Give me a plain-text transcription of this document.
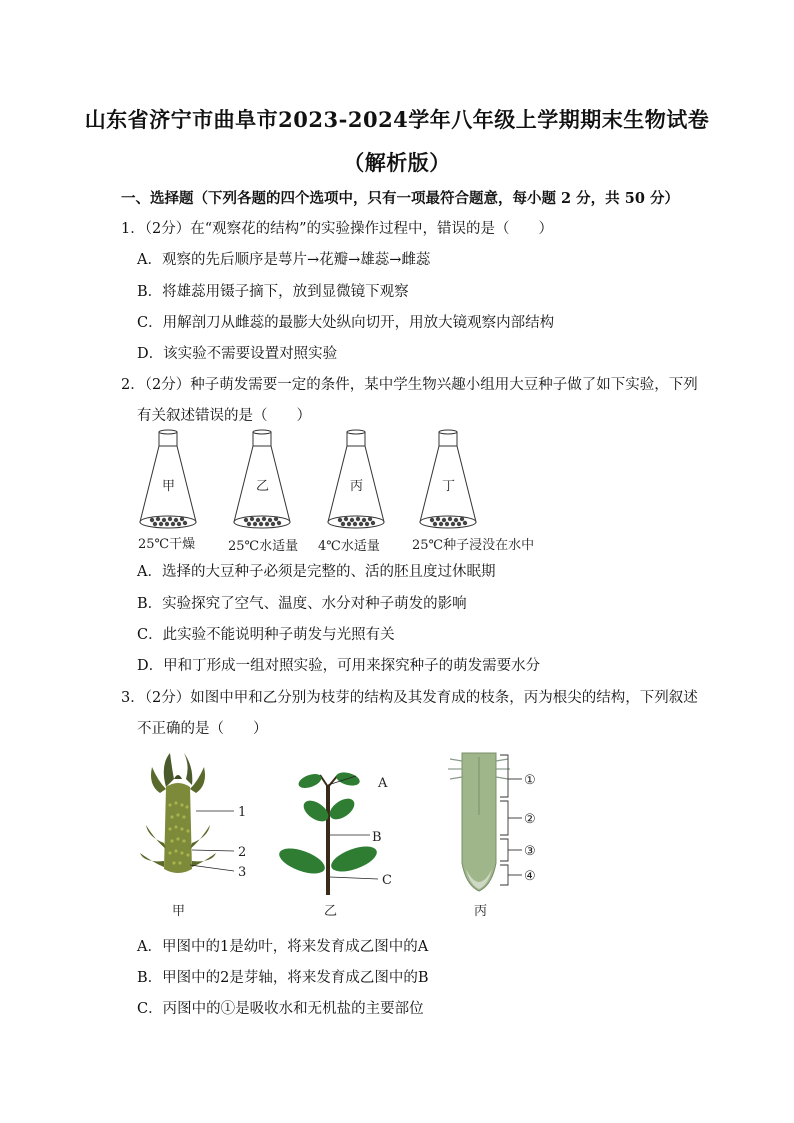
山东省济宁市曲阜市2023-2024学年八年级上学期期末生物试卷
（解析版）
一、选择题（下列各题的四个选项中，只有一项最符合题意，每小题 2 分，共 50 分）
1．（2分）在“观察花的结构”的实验操作过程中，错误的是（　　）
A．观察的先后顺序是萼片→花瓣→雄蕊→雌蕊
B．将雄蕊用镊子摘下，放到显微镜下观察
C．用解剖刀从雌蕊的最膨大处纵向切开，用放大镜观察内部结构
D．该实验不需要设置对照实验
2．（2分）种子萌发需要一定的条件，某中学生物兴趣小组用大豆种子做了如下实验，下列
有关叙述错误的是（　　）
甲	乙	丙	丁
25℃干燥	25℃水适量 4℃水适量 25℃种子浸没在水中
A．选择的大豆种子必须是完整的、活的胚且度过休眠期
B．实验探究了空气、温度、水分对种子萌发的影响
C．此实验不能说明种子萌发与光照有关
D．甲和丁形成一组对照实验，可用来探究种子的萌发需要水分
3．（2分）如图中甲和乙分别为枝芽的结构及其发育成的枝条，丙为根尖的结构，下列叙述
不正确的是（　　）
1
2
3
甲
A
B
C
乙
①
②
③
④
丙
A．甲图中的1是幼叶，将来发育成乙图中的A
B．甲图中的2是芽轴，将来发育成乙图中的B
C．丙图中的①是吸收水和无机盐的主要部位
